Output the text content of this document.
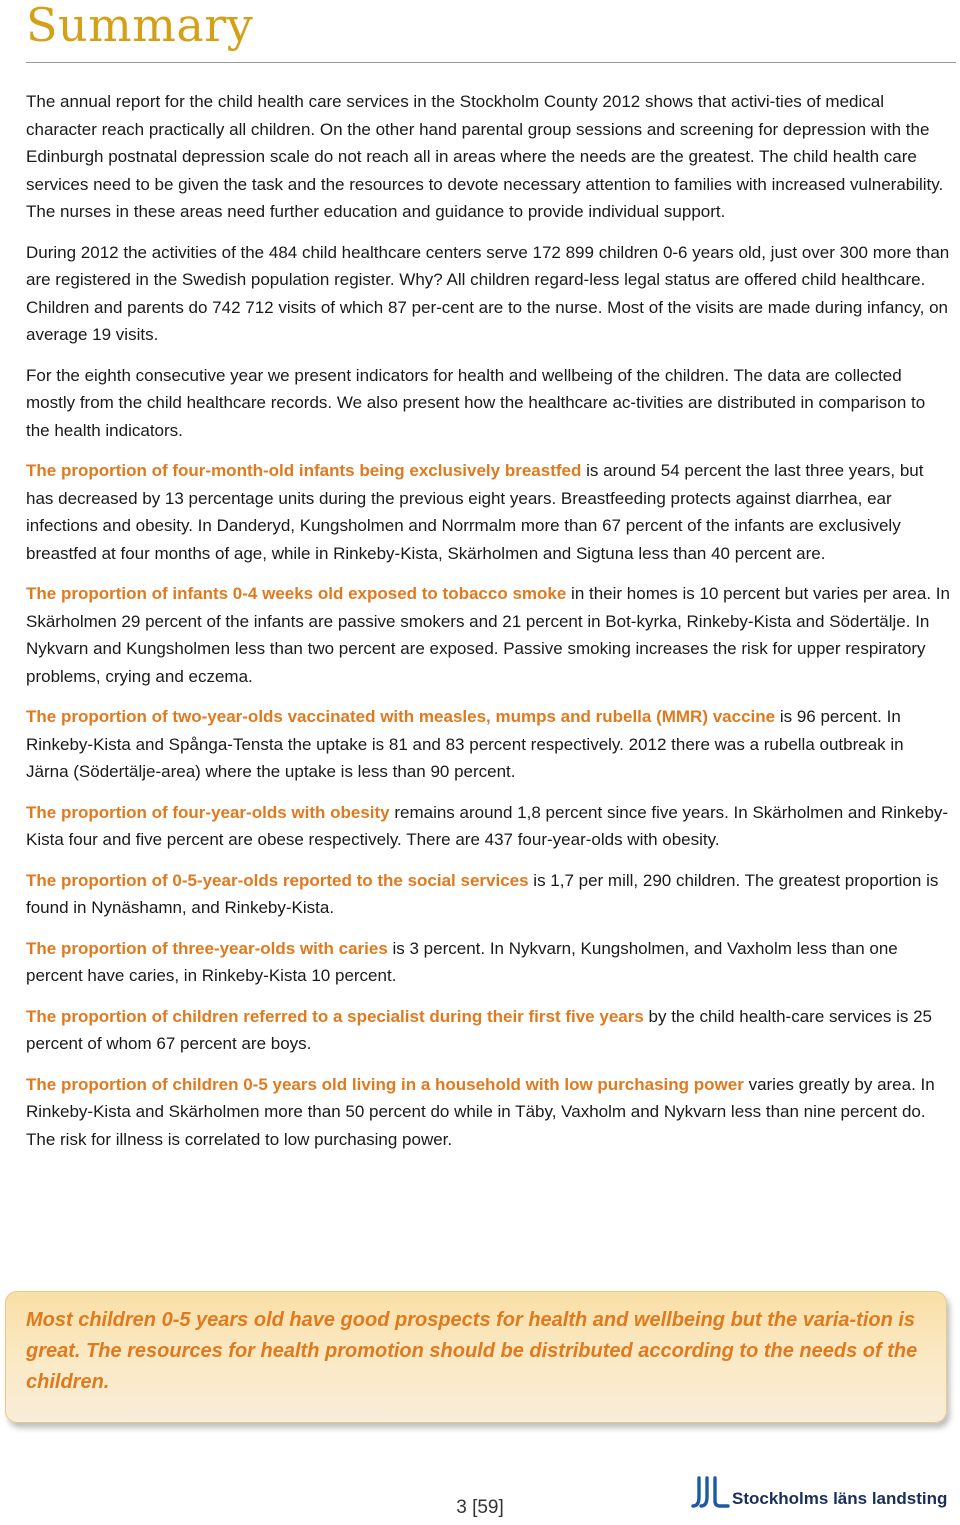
Summary

The annual report for the child health care services in the Stockholm County 2012 shows that activi-ties of medical character reach practically all children. On the other hand parental group sessions and screening for depression with the Edinburgh postnatal depression scale do not reach all in areas where the needs are the greatest. The child health care services need to be given the task and the resources to devote necessary attention to families with increased vulnerability. The nurses in these areas need further education and guidance to provide individual support.

During 2012 the activities of the 484 child healthcare centers serve 172 899 children 0-6 years old, just over 300 more than are registered in the Swedish population register. Why? All children regard-less legal status are offered child healthcare. Children and parents do 742 712 visits of which 87 per-cent are to the nurse. Most of the visits are made during infancy, on average 19 visits.

For the eighth consecutive year we present indicators for health and wellbeing of the children. The data are collected mostly from the child healthcare records. We also present how the healthcare ac-tivities are distributed in comparison to the health indicators.

The proportion of four-month-old infants being exclusively breastfed is around 54 percent the last three years, but has decreased by 13 percentage units during the previous eight years. Breastfeeding protects against diarrhea, ear infections and obesity. In Danderyd, Kungsholmen and Norrmalm more than 67 percent of the infants are exclusively breastfed at four months of age, while in Rinkeby-Kista, Skärholmen and Sigtuna less than 40 percent are.

The proportion of infants 0-4 weeks old exposed to tobacco smoke in their homes is 10 percent but varies per area. In Skärholmen 29 percent of the infants are passive smokers and 21 percent in Bot-kyrka, Rinkeby-Kista and Södertälje. In Nykvarn and Kungsholmen less than two percent are exposed. Passive smoking increases the risk for upper respiratory problems, crying and eczema.

The proportion of two-year-olds vaccinated with measles, mumps and rubella (MMR) vaccine is 96 percent. In Rinkeby-Kista and Spånga-Tensta the uptake is 81 and 83 percent respectively. 2012 there was a rubella outbreak in Järna (Södertälje-area) where the uptake is less than 90 percent.

The proportion of four-year-olds with obesity remains around 1,8 percent since five years. In Skärholmen and Rinkeby-Kista four and five percent are obese respectively. There are 437 four-year-olds with obesity.

The proportion of 0-5-year-olds reported to the social services is 1,7 per mill, 290 children. The greatest proportion is found in Nynäshamn, and Rinkeby-Kista.

The proportion of three-year-olds with caries is 3 percent. In Nykvarn, Kungsholmen, and Vaxholm less than one percent have caries, in Rinkeby-Kista 10 percent.

The proportion of children referred to a specialist during their first five years by the child health-care services is 25 percent of whom 67 percent are boys.

The proportion of children 0-5 years old living in a household with low purchasing power varies greatly by area. In Rinkeby-Kista and Skärholmen more than 50 percent do while in Täby, Vaxholm and Nykvarn less than nine percent do. The risk for illness is correlated to low purchasing power.

Most children 0-5 years old have good prospects for health and wellbeing but the varia-tion is great. The resources for health promotion should be distributed according to the needs of the children.

3 [59]	Stockholms läns landsting
